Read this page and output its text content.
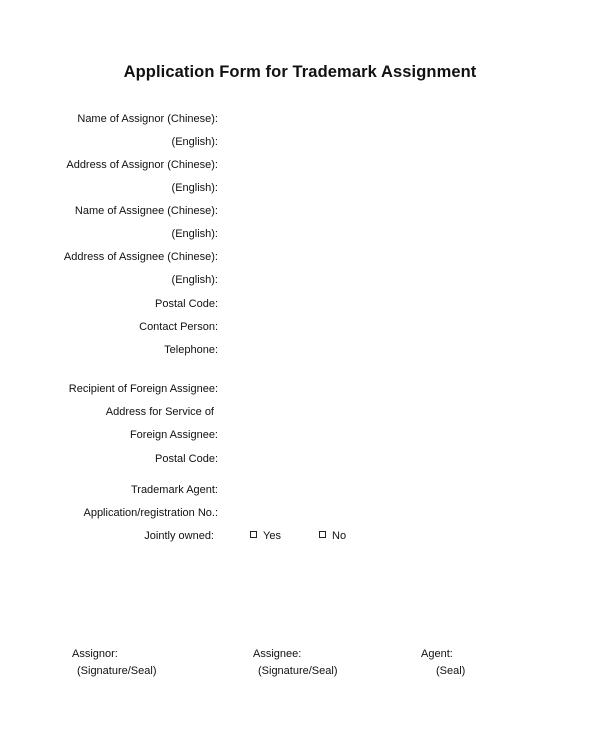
Application Form for Trademark Assignment
Name of Assignor (Chinese):
(English):
Address of Assignor (Chinese):
(English):
Name of Assignee (Chinese):
(English):
Address of Assignee (Chinese):
(English):
Postal Code:
Contact Person:
Telephone:
Recipient of Foreign Assignee:
Address for Service of
Foreign Assignee:
Postal Code:
Trademark Agent:
Application/registration No.:
Jointly owned:	Yes	No
Assignor:
(Signature/Seal)
Assignee:
(Signature/Seal)
Agent:
(Seal)
